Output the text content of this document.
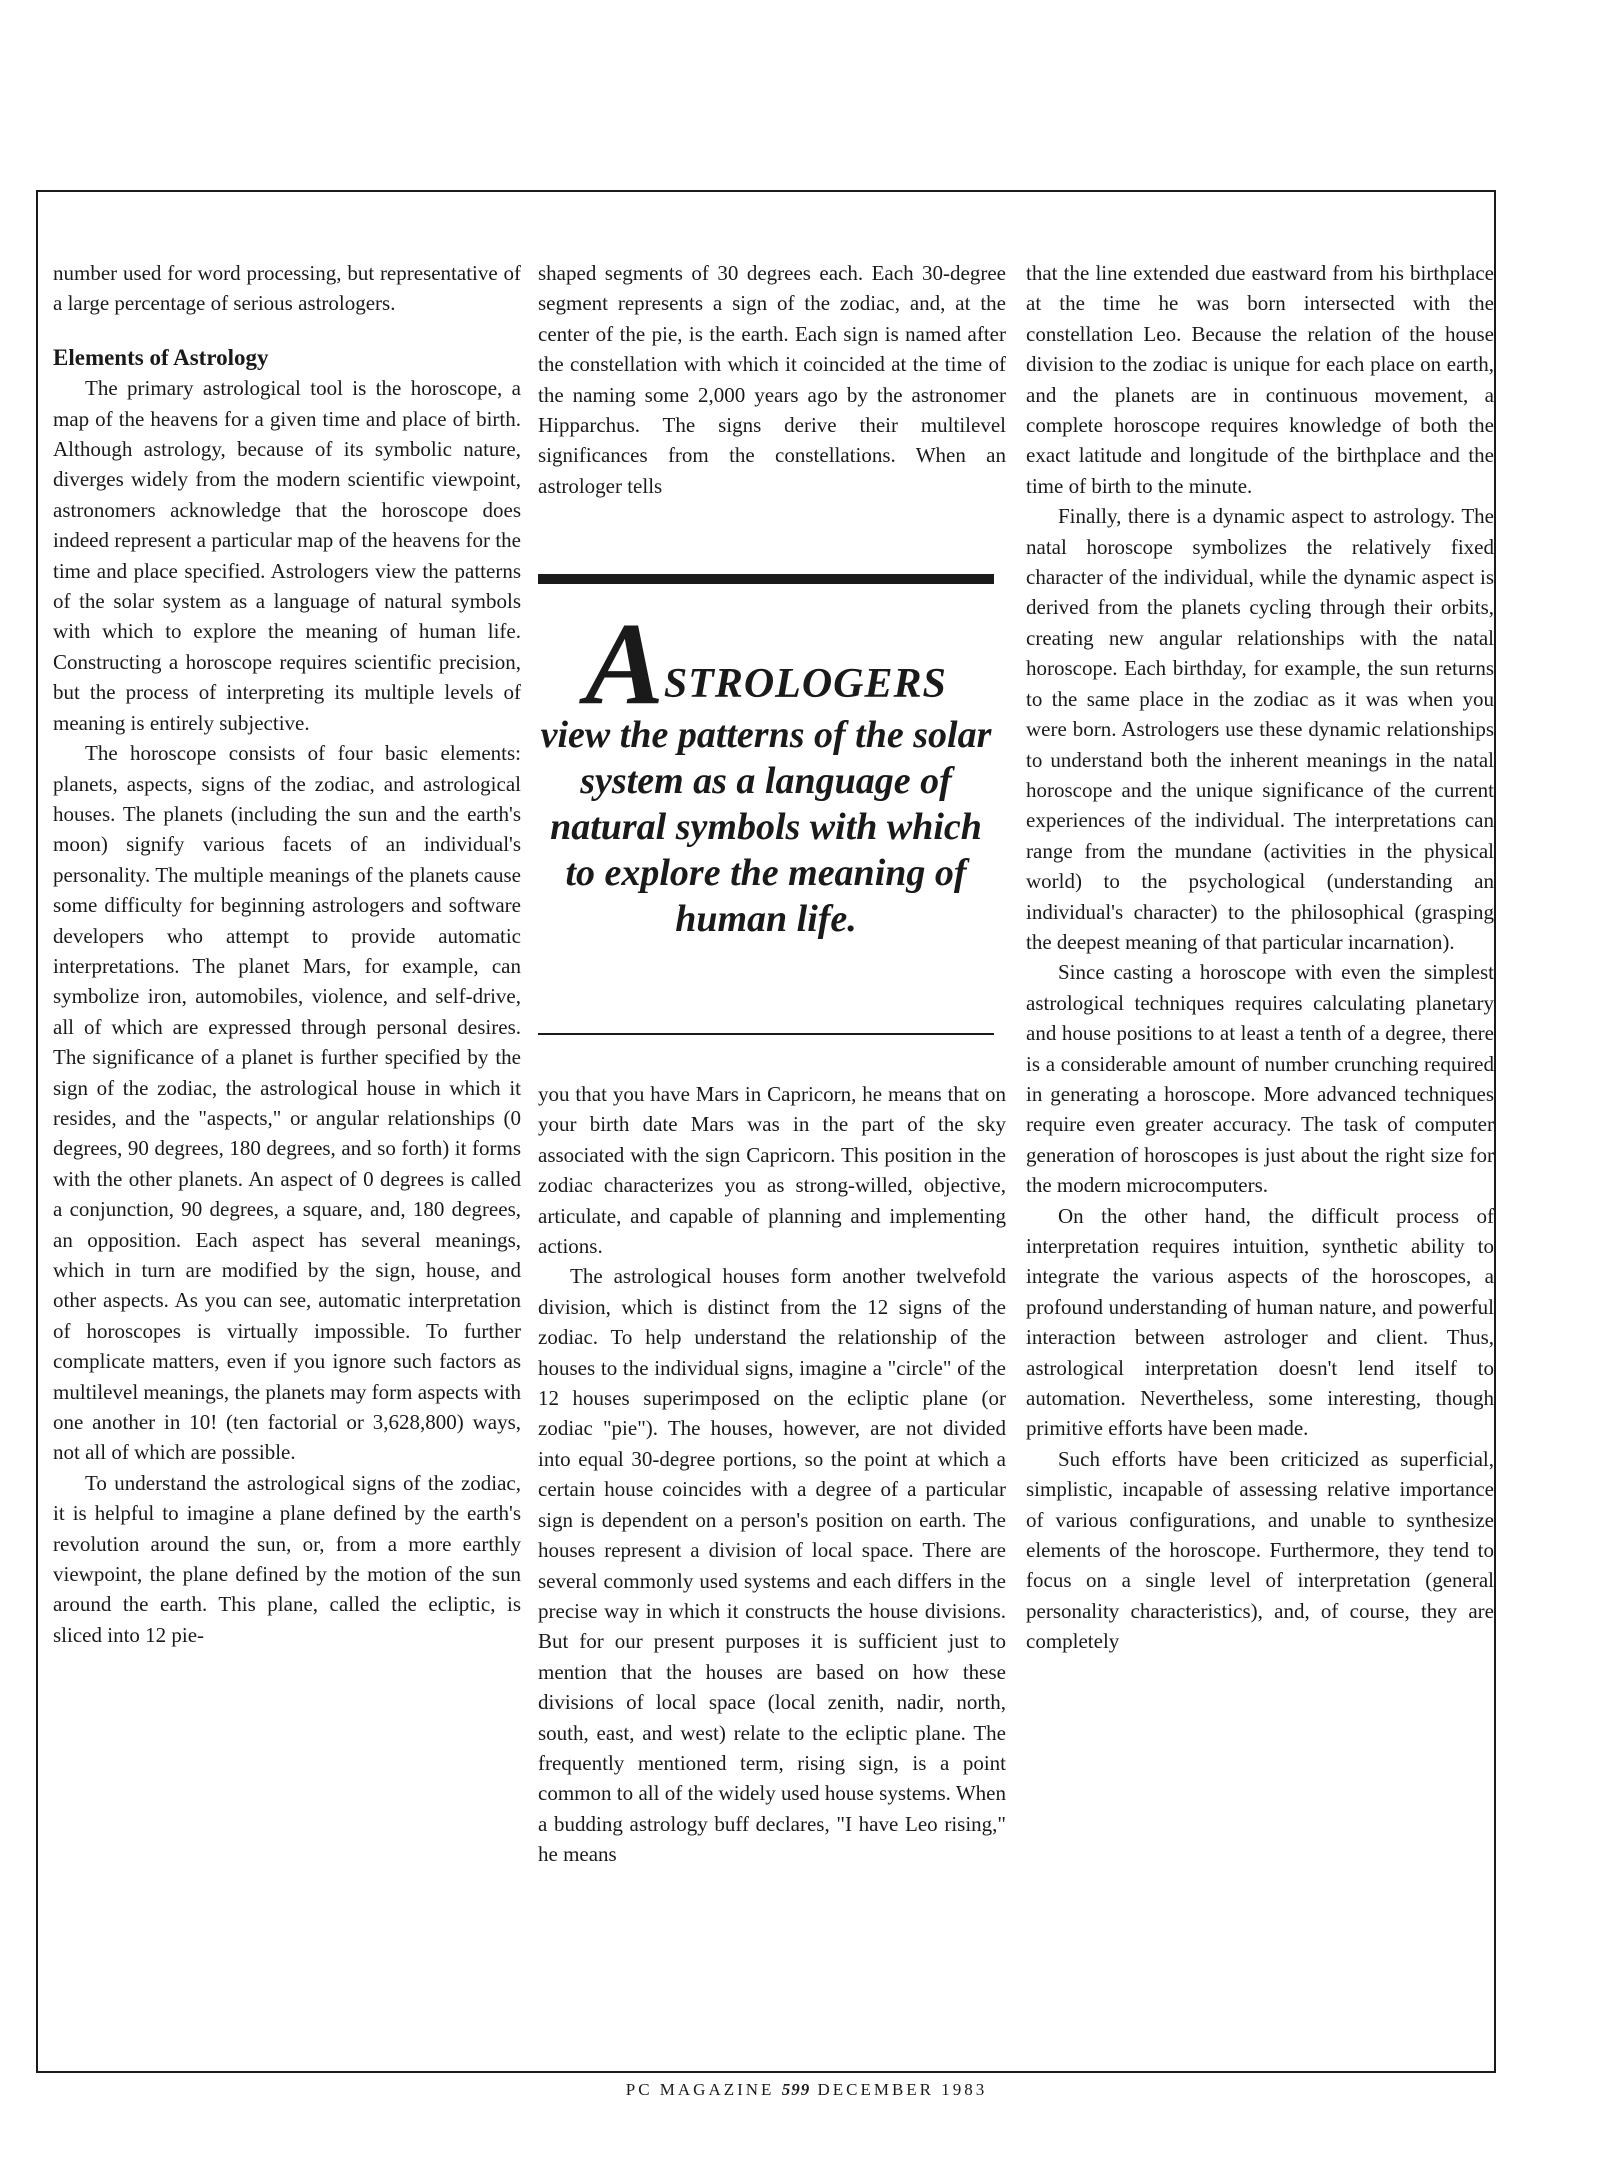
number used for word processing, but representative of a large percentage of serious astrologers.

Elements of Astrology

The primary astrological tool is the horoscope, a map of the heavens for a given time and place of birth. Although astrology, because of its symbolic nature, diverges widely from the modern scientific viewpoint, astronomers acknowledge that the horoscope does indeed represent a particular map of the heavens for the time and place specified. Astrologers view the patterns of the solar system as a language of natural symbols with which to explore the meaning of human life. Constructing a horoscope requires scientific precision, but the process of interpreting its multiple levels of meaning is entirely subjective.

The horoscope consists of four basic elements: planets, aspects, signs of the zodiac, and astrological houses. The planets (including the sun and the earth's moon) signify various facets of an individual's personality. The multiple meanings of the planets cause some difficulty for beginning astrologers and software developers who attempt to provide automatic interpretations. The planet Mars, for example, can symbolize iron, automobiles, violence, and self-drive, all of which are expressed through personal desires. The significance of a planet is further specified by the sign of the zodiac, the astrological house in which it resides, and the "aspects," or angular relationships (0 degrees, 90 degrees, 180 degrees, and so forth) it forms with the other planets. An aspect of 0 degrees is called a conjunction, 90 degrees, a square, and, 180 degrees, an opposition. Each aspect has several meanings, which in turn are modified by the sign, house, and other aspects. As you can see, automatic interpretation of horoscopes is virtually impossible. To further complicate matters, even if you ignore such factors as multilevel meanings, the planets may form aspects with one another in 10! (ten factorial or 3,628,800) ways, not all of which are possible.

To understand the astrological signs of the zodiac, it is helpful to imagine a plane defined by the earth's revolution around the sun, or, from a more earthly viewpoint, the plane defined by the motion of the sun around the earth. This plane, called the ecliptic, is sliced into 12 pie-

shaped segments of 30 degrees each. Each 30-degree segment represents a sign of the zodiac, and, at the center of the pie, is the earth. Each sign is named after the constellation with which it coincided at the time of the naming some 2,000 years ago by the astronomer Hipparchus. The signs derive their multilevel significances from the constellations. When an astrologer tells

ASTROLOGERS
view the patterns of the solar system as a language of natural symbols with which to explore the meaning of human life.

you that you have Mars in Capricorn, he means that on your birth date Mars was in the part of the sky associated with the sign Capricorn. This position in the zodiac characterizes you as strong-willed, objective, articulate, and capable of planning and implementing actions.

The astrological houses form another twelvefold division, which is distinct from the 12 signs of the zodiac. To help understand the relationship of the houses to the individual signs, imagine a "circle" of the 12 houses superimposed on the ecliptic plane (or zodiac "pie"). The houses, however, are not divided into equal 30-degree portions, so the point at which a certain house coincides with a degree of a particular sign is dependent on a person's position on earth. The houses represent a division of local space. There are several commonly used systems and each differs in the precise way in which it constructs the house divisions. But for our present purposes it is sufficient just to mention that the houses are based on how these divisions of local space (local zenith, nadir, north, south, east, and west) relate to the ecliptic plane. The frequently mentioned term, rising sign, is a point common to all of the widely used house systems. When a budding astrology buff declares, "I have Leo rising," he means

that the line extended due eastward from his birthplace at the time he was born intersected with the constellation Leo. Because the relation of the house division to the zodiac is unique for each place on earth, and the planets are in continuous movement, a complete horoscope requires knowledge of both the exact latitude and longitude of the birthplace and the time of birth to the minute.

Finally, there is a dynamic aspect to astrology. The natal horoscope symbolizes the relatively fixed character of the individual, while the dynamic aspect is derived from the planets cycling through their orbits, creating new angular relationships with the natal horoscope. Each birthday, for example, the sun returns to the same place in the zodiac as it was when you were born. Astrologers use these dynamic relationships to understand both the inherent meanings in the natal horoscope and the unique significance of the current experiences of the individual. The interpretations can range from the mundane (activities in the physical world) to the psychological (understanding an individual's character) to the philosophical (grasping the deepest meaning of that particular incarnation).

Since casting a horoscope with even the simplest astrological techniques requires calculating planetary and house positions to at least a tenth of a degree, there is a considerable amount of number crunching required in generating a horoscope. More advanced techniques require even greater accuracy. The task of computer generation of horoscopes is just about the right size for the modern microcomputers.

On the other hand, the difficult process of interpretation requires intuition, synthetic ability to integrate the various aspects of the horoscopes, a profound understanding of human nature, and powerful interaction between astrologer and client. Thus, astrological interpretation doesn't lend itself to automation. Nevertheless, some interesting, though primitive efforts have been made.

Such efforts have been criticized as superficial, simplistic, incapable of assessing relative importance of various configurations, and unable to synthesize elements of the horoscope. Furthermore, they tend to focus on a single level of interpretation (general personality characteristics), and, of course, they are completely

PC MAGAZINE 599 DECEMBER 1983
